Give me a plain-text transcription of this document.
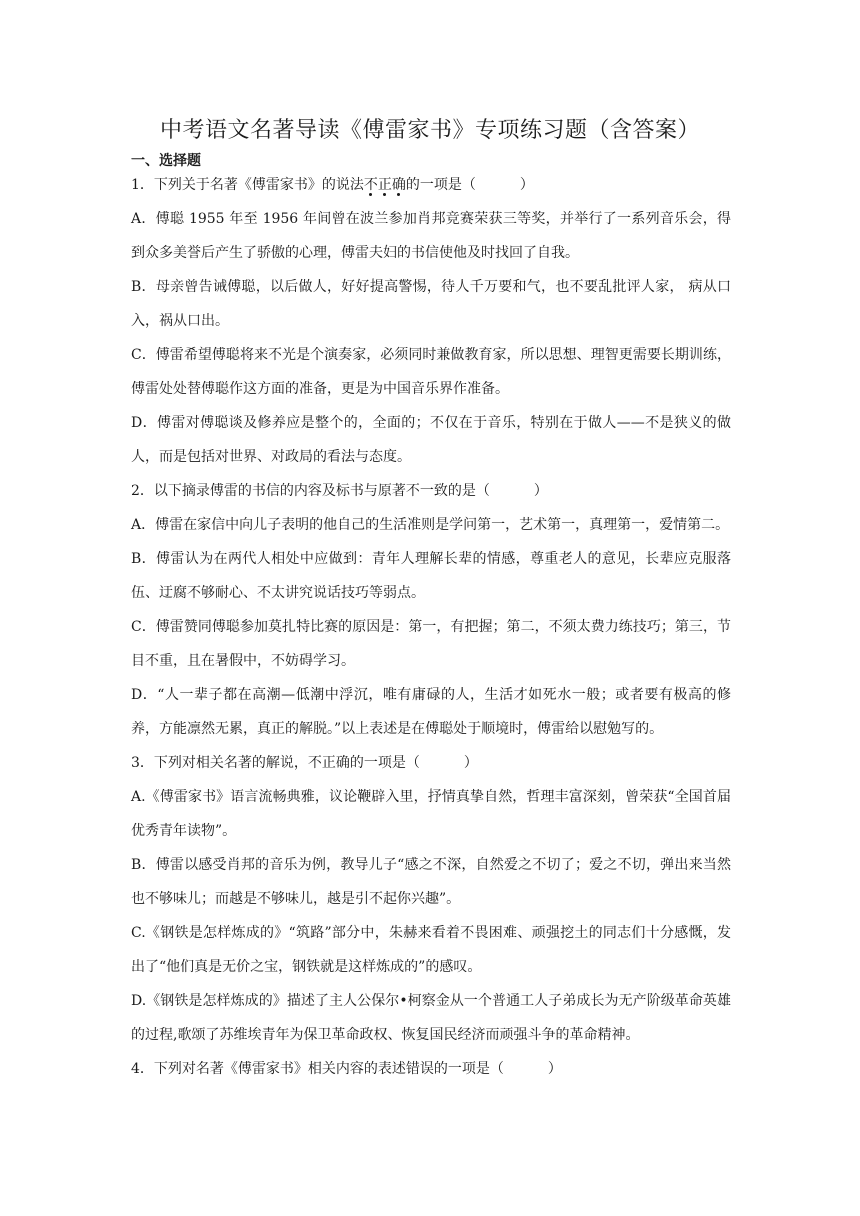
中考语文名著导读《傅雷家书》专项练习题（含答案）
一、选择题

1．下列关于名著《傅雷家书》的说法不正确的一项是（	）

A．傅聪 1955 年至 1956 年间曾在波兰参加肖邦竞赛荣获三等奖，并举行了一系列音乐会，得到众多美誉后产生了骄傲的心理，傅雷夫妇的书信使他及时找回了自我。

B．母亲曾告诫傅聪，以后做人，好好提高警惕，待人千万要和气，也不要乱批评人家， 病从口入，祸从口出。

C．傅雷希望傅聪将来不光是个演奏家，必须同时兼做教育家，所以思想、理智更需要长期训练，傅雷处处替傅聪作这方面的准备，更是为中国音乐界作准备。

D．傅雷对傅聪谈及修养应是整个的，全面的；不仅在于音乐，特别在于做人——不是狭义的做人，而是包括对世界、对政局的看法与态度。

2．以下摘录傅雷的书信的内容及标书与原著不一致的是（	）

A．傅雷在家信中向儿子表明的他自己的生活准则是学问第一，艺术第一，真理第一，爱情第二。

B．傅雷认为在两代人相处中应做到：青年人理解长辈的情感，尊重老人的意见，长辈应克服落伍、迂腐不够耐心、不太讲究说话技巧等弱点。

C．傅雷赞同傅聪参加莫扎特比赛的原因是：第一，有把握；第二，不须太费力练技巧；第三，节目不重，且在暑假中，不妨碍学习。

D．“人一辈子都在高潮—低潮中浮沉，唯有庸碌的人，生活才如死水一般；或者要有极高的修养，方能凛然无累，真正的解脱。”以上表述是在傅聪处于顺境时，傅雷给以慰勉写的。

3．下列对相关名著的解说，不正确的一项是（	）

A.《傅雷家书》语言流畅典雅，议论鞭辟入里，抒情真挚自然，哲理丰富深刻，曾荣获“全国首届优秀青年读物”。

B．傅雷以感受肖邦的音乐为例，教导儿子“感之不深，自然爱之不切了；爱之不切，弹出来当然也不够味儿；而越是不够味儿，越是引不起你兴趣”。

C.《钢铁是怎样炼成的》“筑路”部分中，朱赫来看着不畏困难、顽强挖土的同志们十分感慨，发出了“他们真是无价之宝，钢铁就是这样炼成的”的感叹。

D.《钢铁是怎样炼成的》描述了主人公保尔•柯察金从一个普通工人子弟成长为无产阶级革命英雄的过程,歌颂了苏维埃青年为保卫革命政权、恢复国民经济而顽强斗争的革命精神。

4．下列对名著《傅雷家书》相关内容的表述错误的一项是（	）
